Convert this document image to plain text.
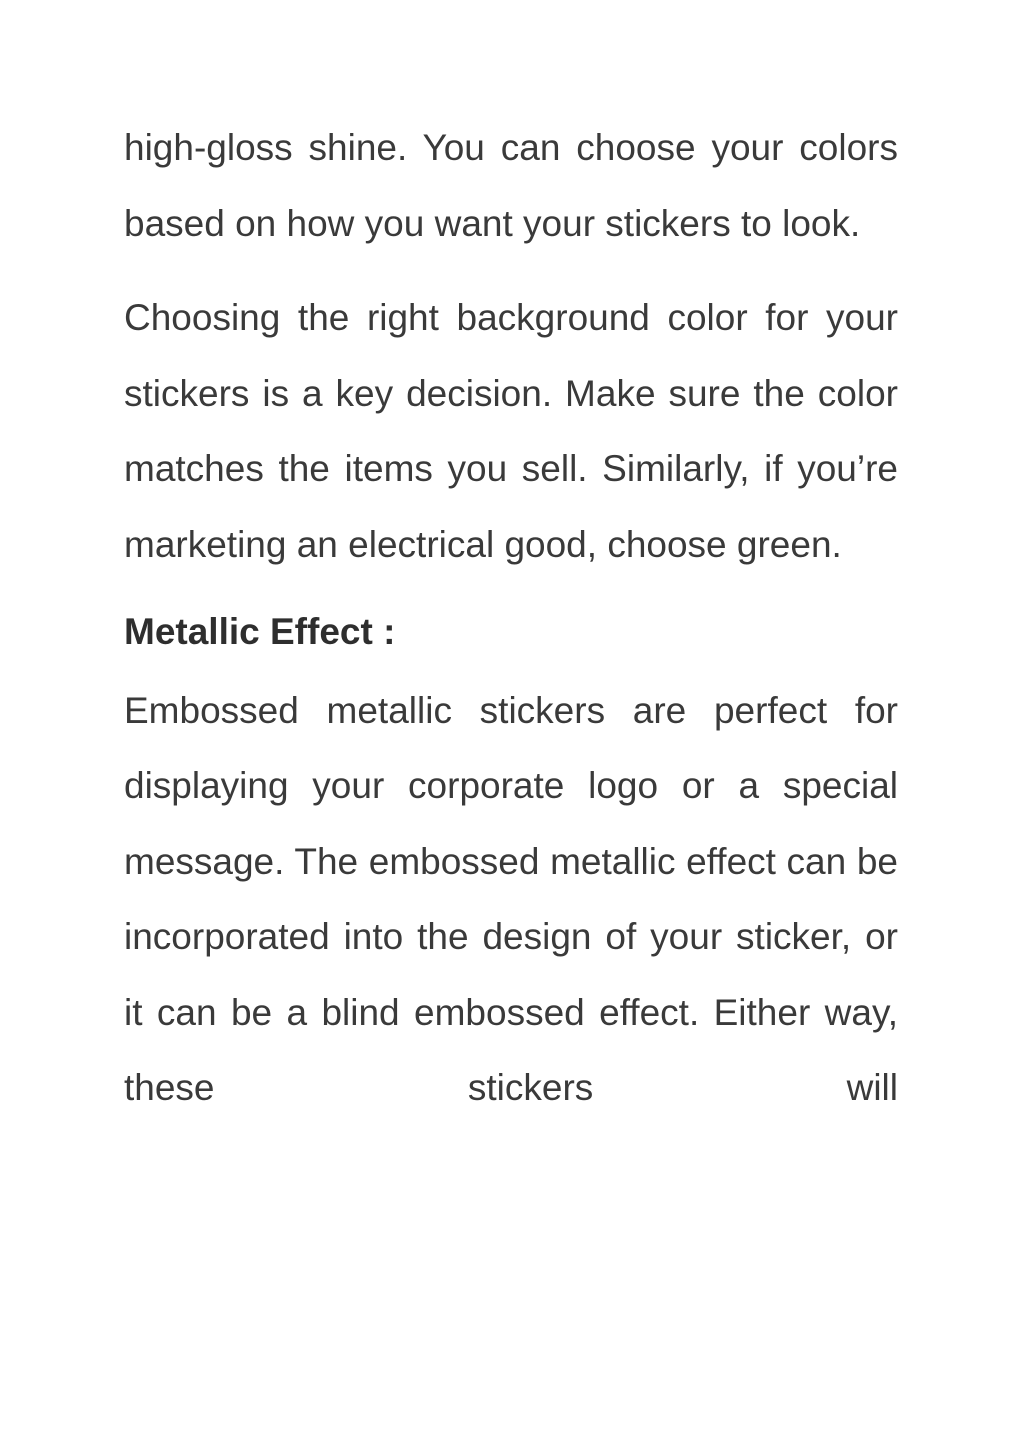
high-gloss shine. You can choose your colors based on how you want your stickers to look.

Choosing the right background color for your stickers is a key decision. Make sure the color matches the items you sell. Similarly, if you’re marketing an electrical good, choose green.

Metallic Effect :

Embossed metallic stickers are perfect for displaying your corporate logo or a special message. The embossed metallic effect can be incorporated into the design of your sticker, or it can be a blind embossed effect. Either way, these stickers will
